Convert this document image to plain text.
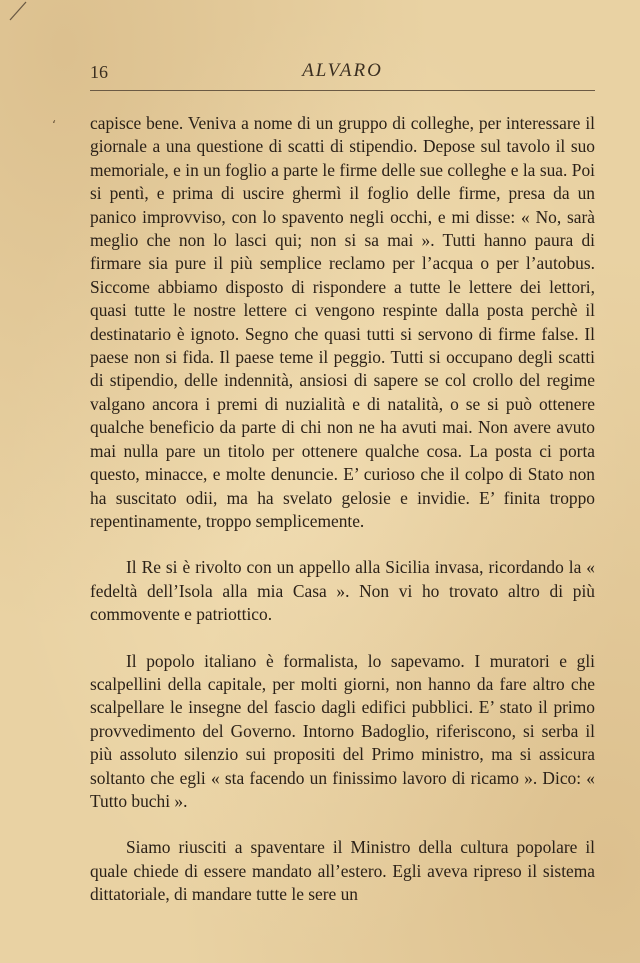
16	ALVARO
ʻ capisce bene. Veniva a nome di un gruppo di colleghe, per interessare il giornale a una questione di scatti di stipendio. Depose sul tavolo il suo memoriale, e in un foglio a parte le firme delle sue colleghe e la sua. Poi si pentì, e prima di uscire ghermì il foglio delle firme, presa da un panico improvviso, con lo spavento negli occhi, e mi disse: « No, sarà meglio che non lo lasci qui; non si sa mai ». Tutti hanno paura di firmare sia pure il più semplice reclamo per l’acqua o per l’autobus. Siccome abbiamo disposto di rispondere a tutte le lettere dei lettori, quasi tutte le nostre lettere ci vengono respinte dalla posta perchè il destinatario è ignoto. Segno che quasi tutti si servono di firme false. Il paese non si fida. Il paese teme il peggio. Tutti si occupano degli scatti di stipendio, delle indennità, ansiosi di sapere se col crollo del regime valgano ancora i premi di nuzialità e di natalità, o se si può ottenere qualche beneficio da parte di chi non ne ha avuti mai. Non avere avuto mai nulla pare un titolo per ottenere qualche cosa. La posta ci porta questo, minacce, e molte denuncie. E’ curioso che il colpo di Stato non ha suscitato odii, ma ha svelato gelosie e invidie. E’ finita troppo repentinamente, troppo semplicemente.

Il Re si è rivolto con un appello alla Sicilia invasa, ricordando la « fedeltà dell’Isola alla mia Casa ». Non vi ho trovato altro di più commovente e patriottico.

Il popolo italiano è formalista, lo sapevamo. I muratori e gli scalpellini della capitale, per molti giorni, non hanno da fare altro che scalpellare le insegne del fascio dagli edifici pubblici. E’ stato il primo provvedimento del Governo. Intorno Badoglio, riferiscono, si serba il più assoluto silenzio sui propositi del Primo ministro, ma si assicura soltanto che egli « sta facendo un finissimo lavoro di ricamo ». Dico: « Tutto buchi ».

Siamo riusciti a spaventare il Ministro della cultura popolare il quale chiede di essere mandato all’estero. Egli aveva ripreso il sistema dittatoriale, di mandare tutte le sere un
